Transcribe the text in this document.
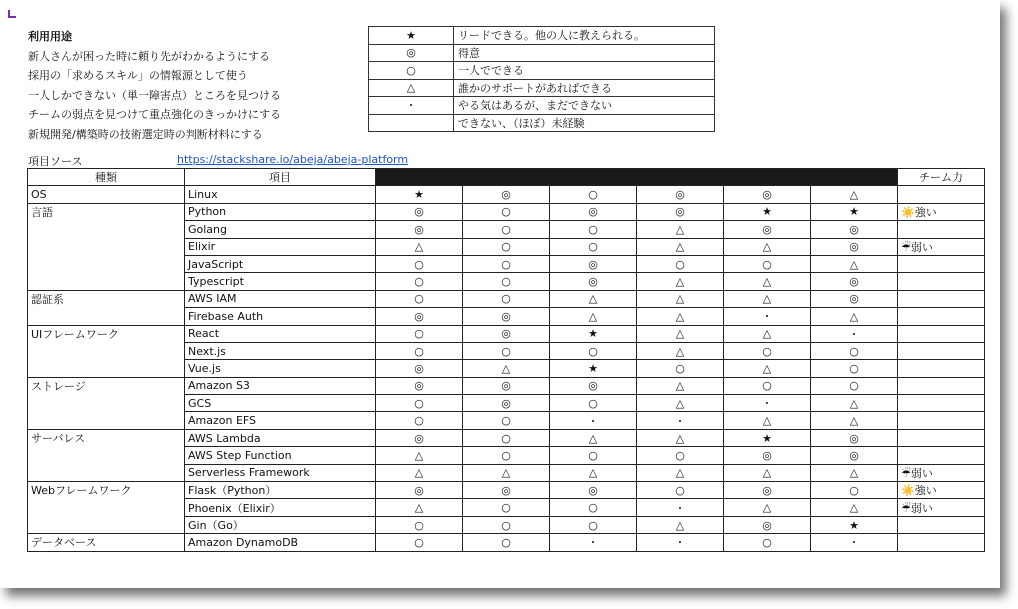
利用用途
新人さんが困った時に頼り先がわかるようにする
採用の「求めるスキル」の情報源として使う
一人しかできない（単一障害点）ところを見つける
チームの弱点を見つけて重点強化のきっかけにする
新規開発/構築時の技術選定時の判断材料にする
★	リードできる。他の人に教えられる。
◎	得意
○	一人でできる
△	誰かのサポートがあればできる
・	やる気はあるが、まだできない
	できない、（ほぼ）未経験
項目ソース	https://stackshare.io/abeja/abeja-platform
種類	項目							チーム力
OS	Linux	★	◎	○	◎	◎	△	
言語	Python	◎	○	◎	◎	★	★	☀️強い
	Golang	◎	○	○	△	◎	◎	
	Elixir	△	○	○	△	△	◎	☔弱い
	JavaScript	○	○	◎	○	○	△	
	Typescript	○	○	◎	△	△	◎	
認証系	AWS IAM	○	○	△	△	△	◎	
	Firebase Auth	◎	◎	△	△	・	△	
UIフレームワーク	React	○	◎	★	△	△	・	
	Next.js	○	○	○	△	○	○	
	Vue.js	◎	△	★	○	△	○	
ストレージ	Amazon S3	◎	◎	◎	△	○	○	
	GCS	○	◎	○	△	・	△	
	Amazon EFS	○	○	・	・	△	△	
サーバレス	AWS Lambda	◎	○	△	△	★	◎	
	AWS Step Function	△	○	○	○	◎	◎	
	Serverless Framework	△	△	△	△	△	△	☔弱い
Webフレームワーク	Flask（Python）	◎	◎	◎	○	◎	○	☀️強い
	Phoenix（Elixir）	△	○	○	・	△	△	☔弱い
	Gin（Go）	○	○	○	△	◎	★	
データベース	Amazon DynamoDB	○	○	・	・	○	・	
